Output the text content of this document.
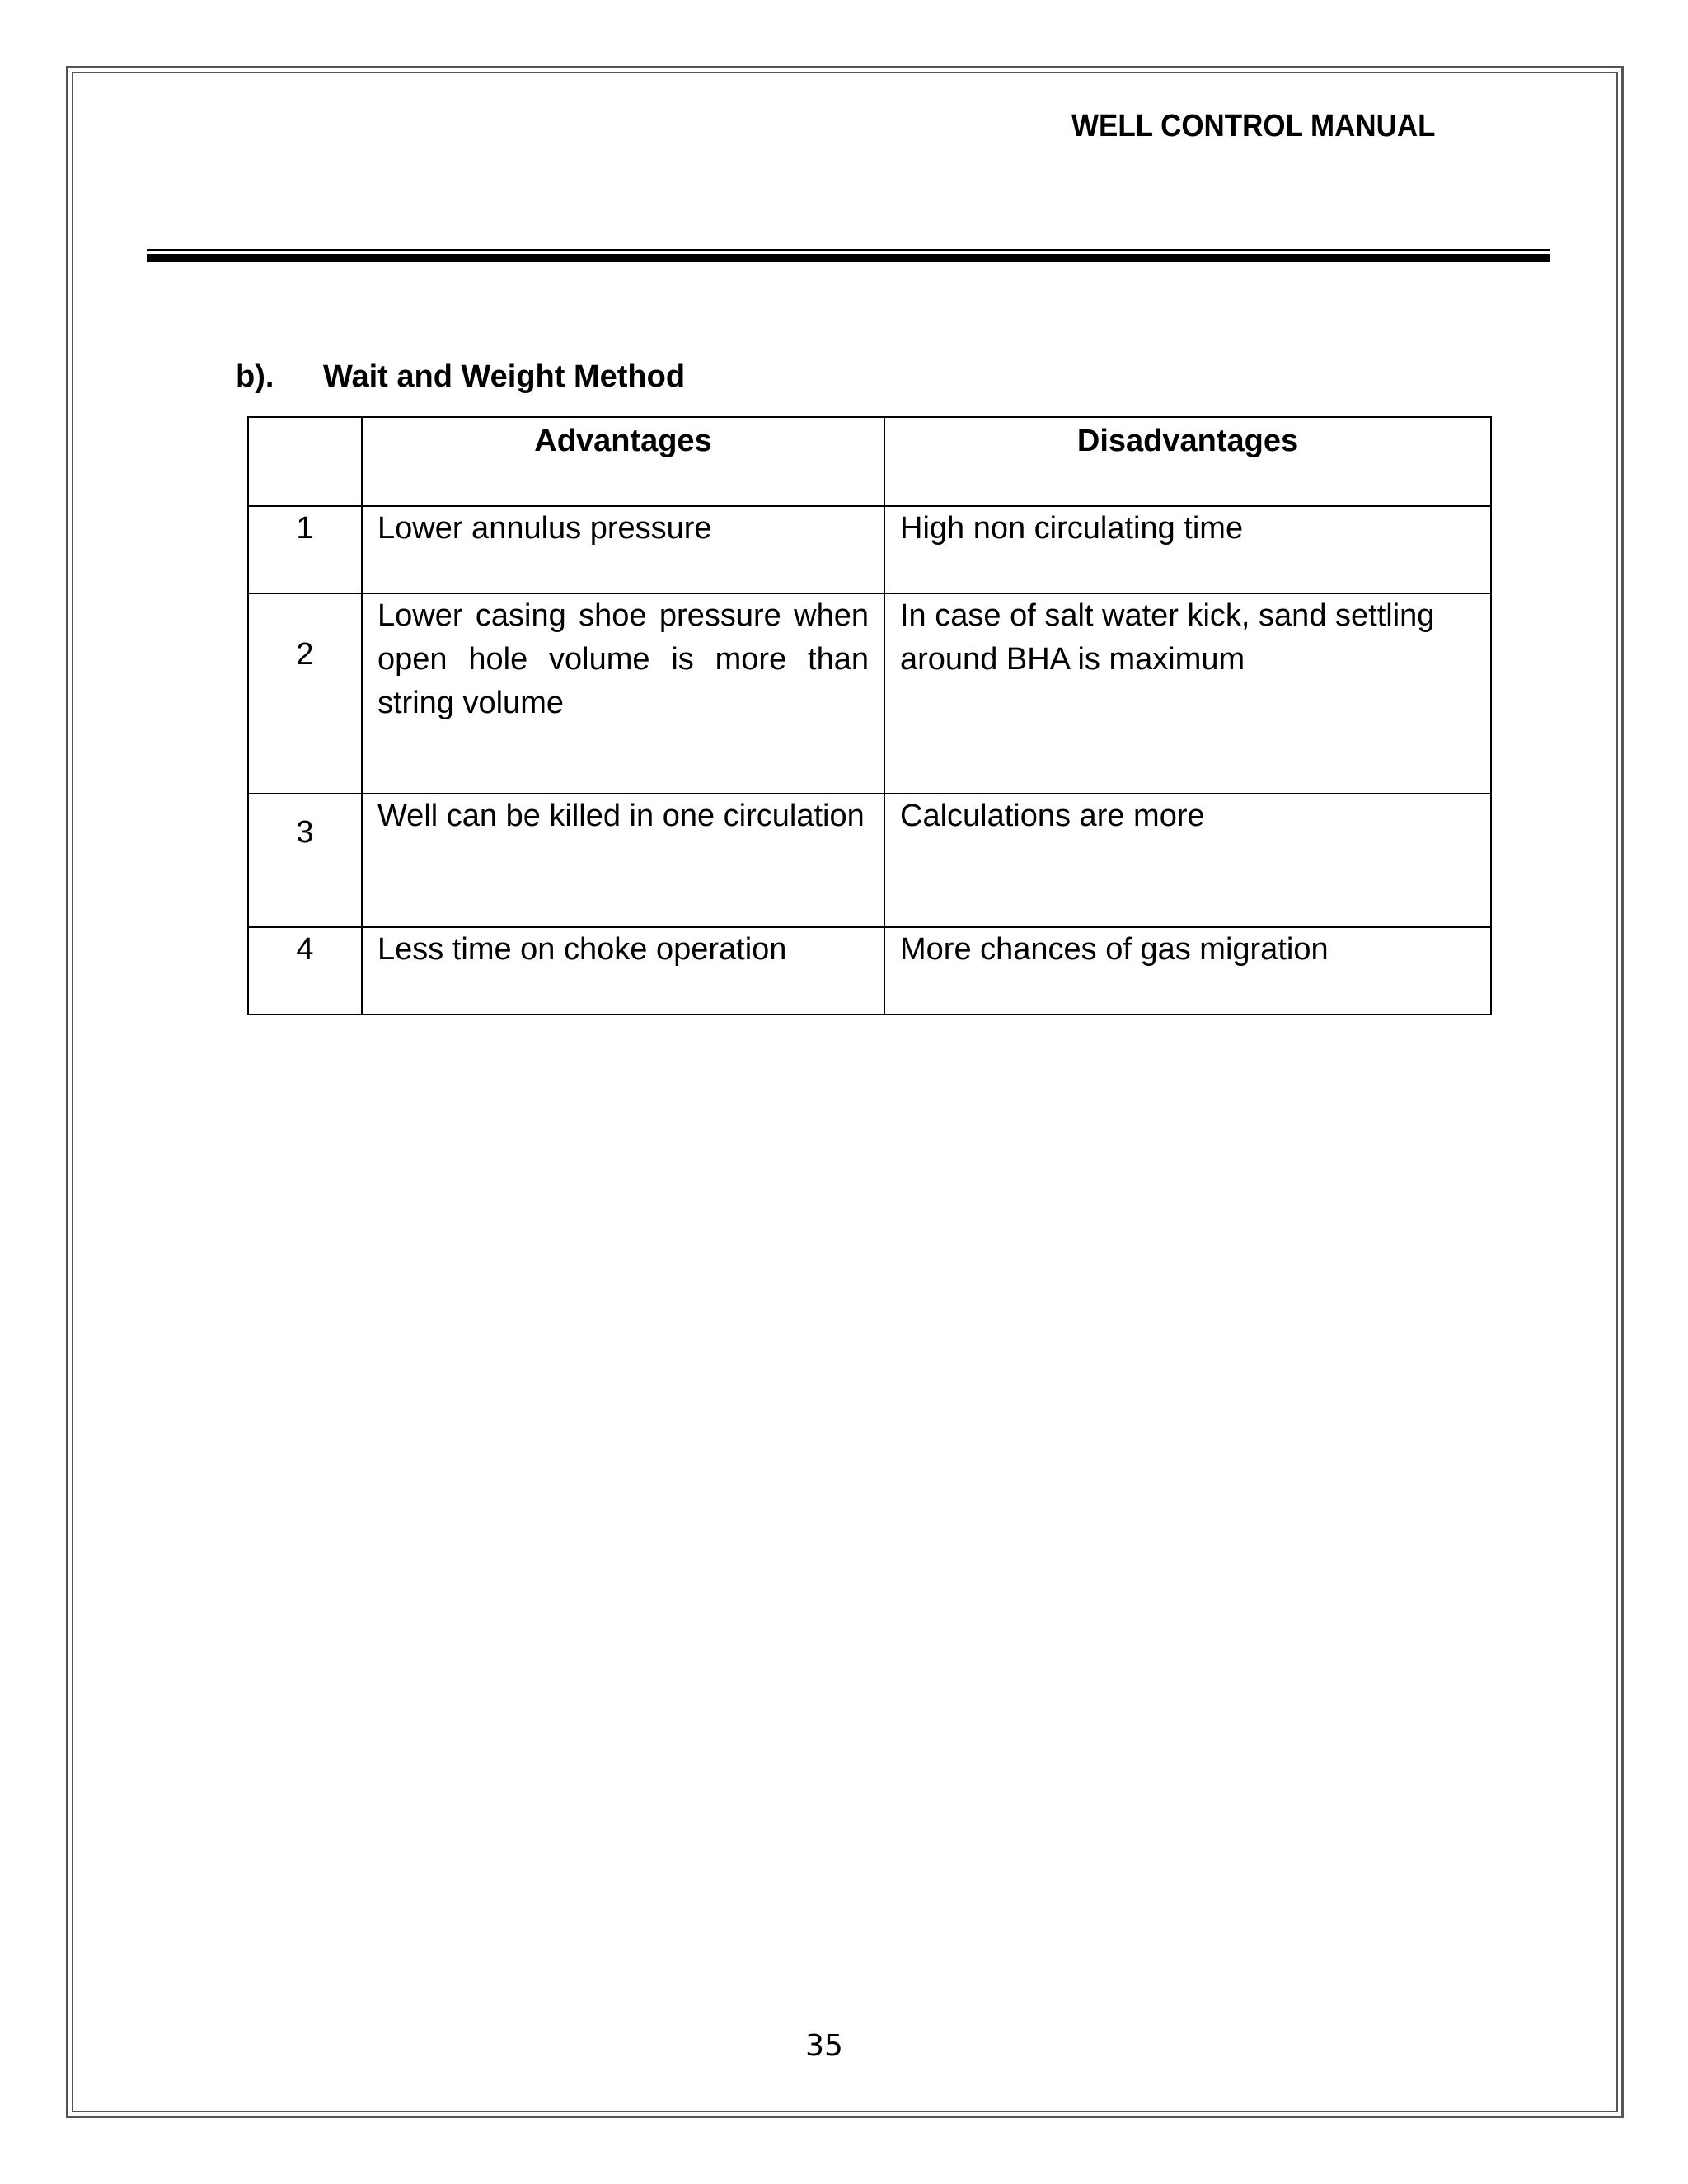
WELL CONTROL MANUAL
b). Wait and Weight Method
	Advantages	Disadvantages
1	Lower annulus pressure	High non circulating time
2	Lower casing shoe pressure when open hole volume is more than string volume	In case of salt water kick, sand settling around BHA is maximum
3	Well can be killed in one circulation	Calculations are more
4	Less time on choke operation	More chances of gas migration
35
